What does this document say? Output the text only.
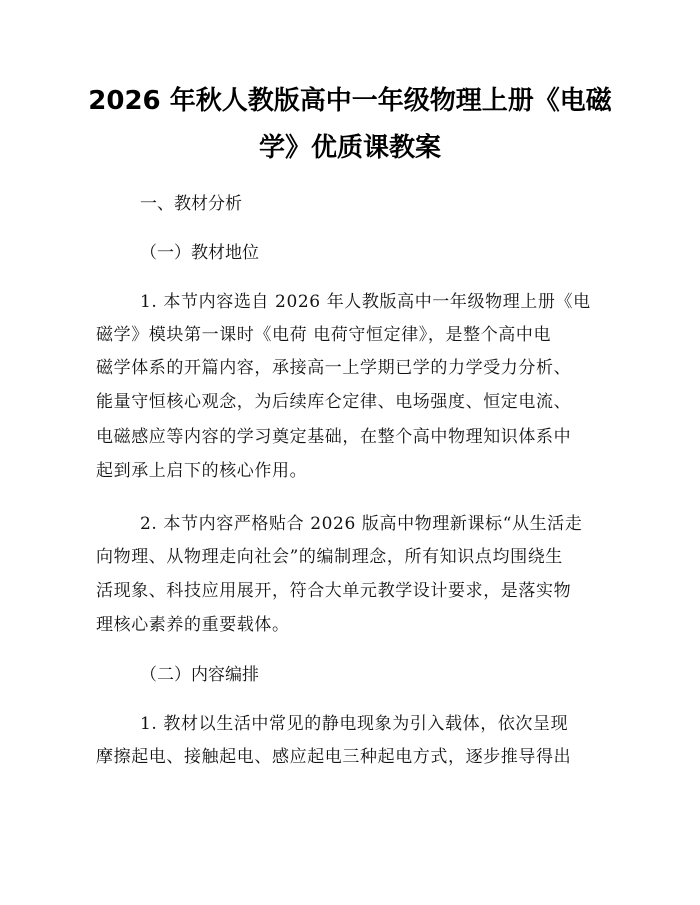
2026 年秋人教版高中一年级物理上册《电磁
学》优质课教案
一、教材分析
（一）教材地位
1. 本节内容选自 2026 年人教版高中一年级物理上册《电
磁学》模块第一课时《电荷 电荷守恒定律》，是整个高中电
磁学体系的开篇内容，承接高一上学期已学的力学受力分析、
能量守恒核心观念，为后续库仑定律、电场强度、恒定电流、
电磁感应等内容的学习奠定基础，在整个高中物理知识体系中
起到承上启下的核心作用。
2. 本节内容严格贴合 2026 版高中物理新课标“从生活走
向物理、从物理走向社会”的编制理念，所有知识点均围绕生
活现象、科技应用展开，符合大单元教学设计要求，是落实物
理核心素养的重要载体。
（二）内容编排
1. 教材以生活中常见的静电现象为引入载体，依次呈现
摩擦起电、接触起电、感应起电三种起电方式，逐步推导得出
